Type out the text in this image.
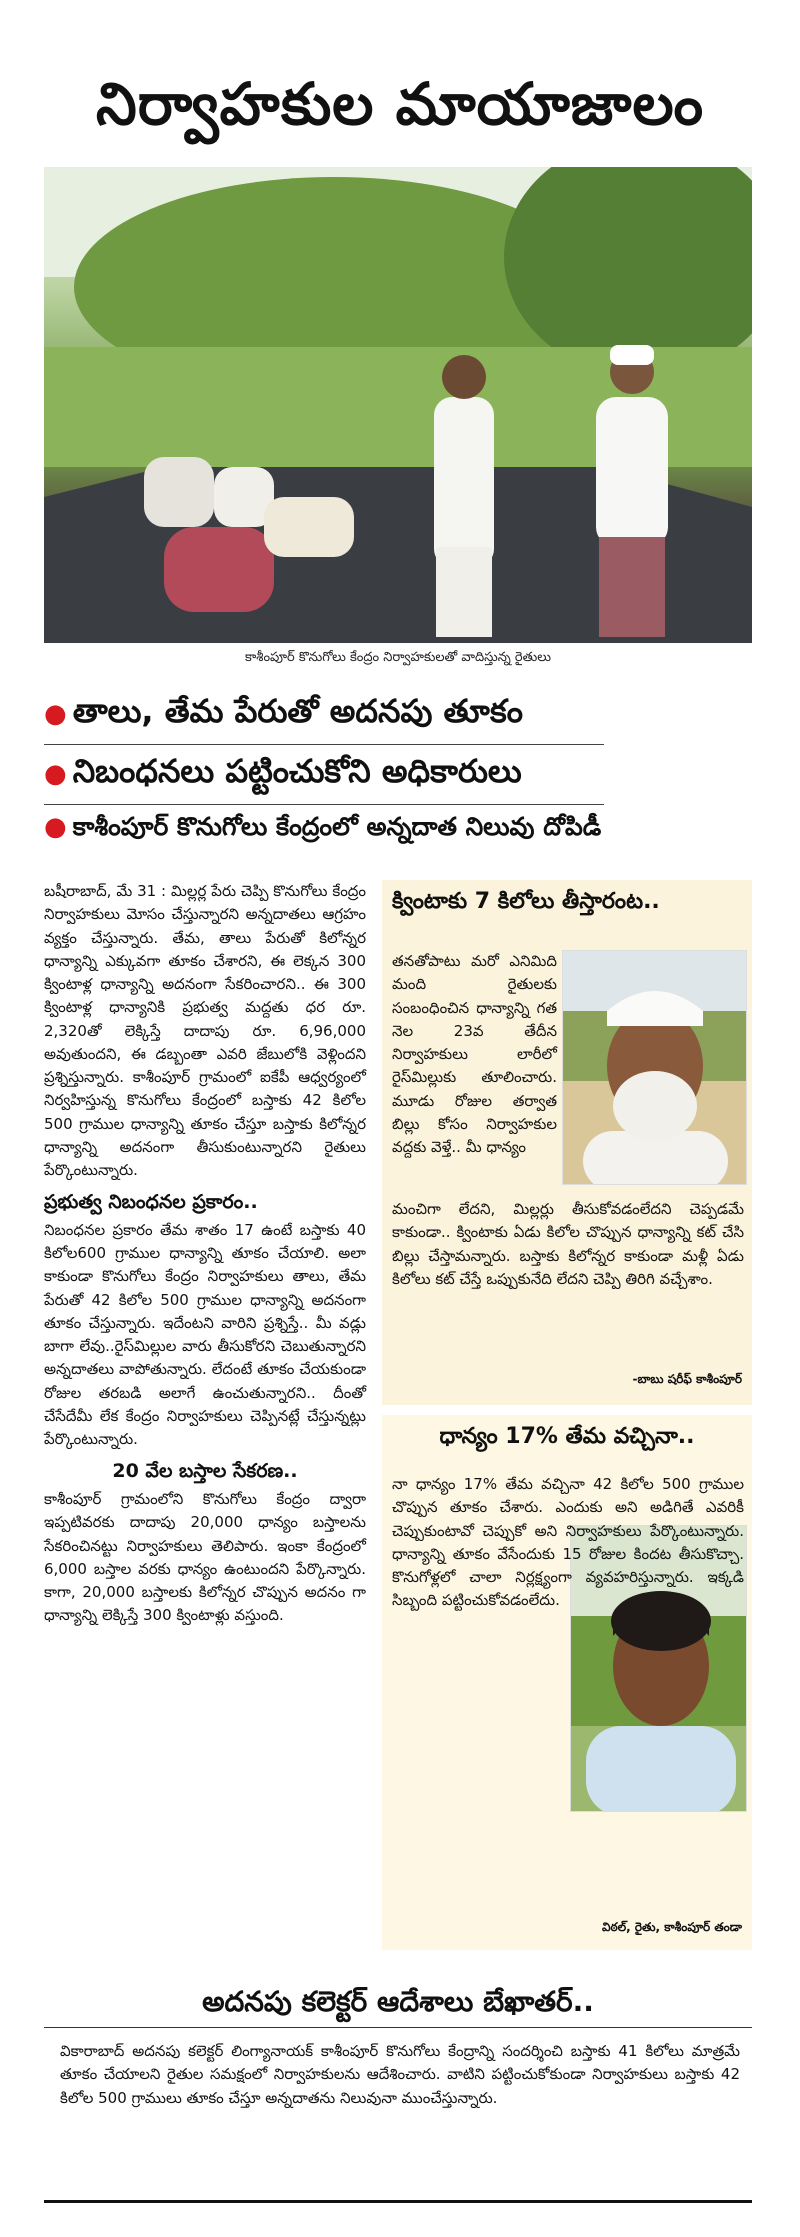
నిర్వాహకుల మాయాజాలం
కాశీంపూర్ కొనుగోలు కేంద్రం నిర్వాహకులతో వాదిస్తున్న రైతులు
● తాలు, తేమ పేరుతో అదనపు తూకం
● నిబంధనలు పట్టించుకోని అధికారులు
● కాశీంపూర్ కొనుగోలు కేంద్రంలో అన్నదాత నిలువు దోపిడీ

బషీరాబాద్, మే 31 : మిల్లర్ల పేరు చెప్పి కొనుగోలు కేంద్రం నిర్వాహకులు మోసం చేస్తున్నారని అన్నదాతలు ఆగ్రహం వ్యక్తం చేస్తున్నారు. తేమ, తాలు పేరుతో కిలోన్నర ధాన్యాన్ని ఎక్కువగా తూకం చేశారని, ఈ లెక్కన 300 క్వింటాళ్ల ధాన్యాన్ని అదనంగా సేకరించారని.. ఈ 300 క్వింటాళ్ల ధాన్యానికి ప్రభుత్వ మద్దతు ధర రూ. 2,320తో లెక్కిస్తే దాదాపు రూ. 6,96,000 అవుతుందని, ఈ డబ్బంతా ఎవరి జేబులోకి వెళ్లిందని ప్రశ్నిస్తున్నారు. కాశీంపూర్ గ్రామంలో ఐకేపీ ఆధ్వర్యంలో నిర్వహిస్తున్న కొనుగోలు కేంద్రంలో బస్తాకు 42 కిలోల 500 గ్రాముల ధాన్యాన్ని తూకం చేస్తూ బస్తాకు కిలోన్నర ధాన్యాన్ని అదనంగా తీసుకుంటున్నారని రైతులు పేర్కొంటున్నారు.

ప్రభుత్వ నిబంధనల ప్రకారం..

నిబంధనల ప్రకారం తేమ శాతం 17 ఉంటే బస్తాకు 40 కిలోల600 గ్రాముల ధాన్యాన్ని తూకం చేయాలి. అలా కాకుండా కొనుగోలు కేంద్రం నిర్వాహకులు తాలు, తేమ పేరుతో 42 కిలోల 500 గ్రాముల ధాన్యాన్ని అదనంగా తూకం చేస్తున్నారు. ఇదేంటని వారిని ప్రశ్నిస్తే.. మీ వడ్లు బాగా లేవు..రైస్‌మిల్లుల వారు తీసుకోరని చెబుతున్నారని అన్నదాతలు వాపోతున్నారు. లేదంటే తూకం చేయకుండా రోజుల తరబడి అలాగే ఉంచుతున్నారని.. దీంతో చేసేదేమీ లేక కేంద్రం నిర్వాహకులు చెప్పినట్లే చేస్తున్నట్లు పేర్కొంటున్నారు.

20 వేల బస్తాల సేకరణ..

కాశీంపూర్ గ్రామంలోని కొనుగోలు కేంద్రం ద్వారా ఇప్పటివరకు దాదాపు 20,000 ధాన్యం బస్తాలను సేకరించినట్టు నిర్వాహకులు తెలిపారు. ఇంకా కేంద్రంలో 6,000 బస్తాల వరకు ధాన్యం ఉంటుందని పేర్కొన్నారు. కాగా, 20,000 బస్తాలకు కిలోన్నర చొప్పున అదనం గా ధాన్యాన్ని లెక్కిస్తే 300 క్వింటాళ్లు వస్తుంది.

క్వింటాకు 7 కిలోలు తీస్తారంట..
తనతోపాటు మరో ఎనిమిది మంది రైతులకు సంబంధించిన ధాన్యాన్ని గత నెల 23వ తేదీన నిర్వాహకులు లారీలో రైస్‌మిల్లుకు తూలించారు. మూడు రోజుల తర్వాత బిల్లు కోసం నిర్వాహకుల వద్దకు వెళ్తే.. మీ ధాన్యం
మంచిగా లేదని, మిల్లర్లు తీసుకోవడంలేదని చెప్పడమే కాకుండా.. క్వింటాకు ఏడు కిలోల చొప్పున ధాన్యాన్ని కట్ చేసి బిల్లు చేస్తామన్నారు. బస్తాకు కిలోన్నర కాకుండా మళ్లీ ఏడు కిలోలు కట్ చేస్తే ఒప్పుకునేది లేదని చెప్పి తిరిగి వచ్చేశాం.
-బాబు షరీఫ్ కాశీంపూర్
ధాన్యం 17% తేమ వచ్చినా..
నా ధాన్యం 17% తేమ వచ్చినా 42 కిలోల 500 గ్రాముల చొప్పున తూకం చేశారు. ఎందుకు అని అడిగితే ఎవరికీ చెప్పుకుంటావో చెప్పుకో అని నిర్వాహకులు పేర్కొంటున్నారు. ధాన్యాన్ని తూకం వేసేందుకు 15 రోజుల కిందట తీసుకొచ్చా. కొనుగోళ్లలో చాలా నిర్లక్ష్యంగా వ్యవహరిస్తున్నారు. ఇక్కడి సిబ్బంది పట్టించుకోవడంలేదు.
విఠల్, రైతు, కాశీంపూర్ తండా
అదనపు కలెక్టర్ ఆదేశాలు బేఖాతర్..
వికారాబాద్ అదనపు కలెక్టర్ లింగ్యానాయక్ కాశీంపూర్ కొనుగోలు కేంద్రాన్ని సందర్శించి బస్తాకు 41 కిలోలు మాత్రమే తూకం చేయాలని రైతుల సమక్షంలో నిర్వాహకులను ఆదేశించారు. వాటిని పట్టించుకోకుండా నిర్వాహకులు బస్తాకు 42 కిలోల 500 గ్రాములు తూకం చేస్తూ అన్నదాతను నిలువునా ముంచేస్తున్నారు.
